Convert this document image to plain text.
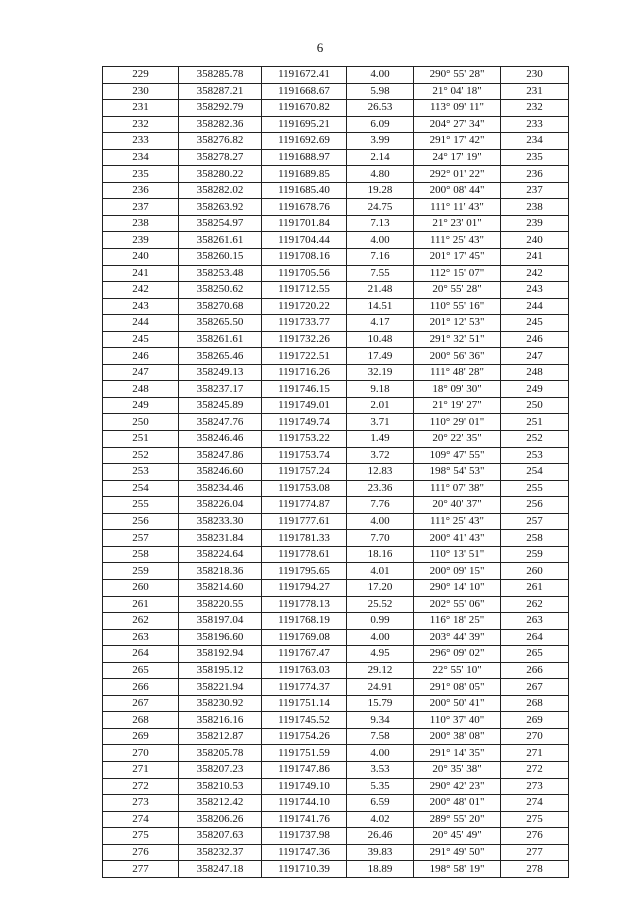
6
229	358285.78	1191672.41	4.00	290° 55' 28"	230
230	358287.21	1191668.67	5.98	21° 04' 18"	231
231	358292.79	1191670.82	26.53	113° 09' 11"	232
232	358282.36	1191695.21	6.09	204° 27' 34"	233
233	358276.82	1191692.69	3.99	291° 17' 42"	234
234	358278.27	1191688.97	2.14	24° 17' 19"	235
235	358280.22	1191689.85	4.80	292° 01' 22"	236
236	358282.02	1191685.40	19.28	200° 08' 44"	237
237	358263.92	1191678.76	24.75	111° 11' 43"	238
238	358254.97	1191701.84	7.13	21° 23' 01"	239
239	358261.61	1191704.44	4.00	111° 25' 43"	240
240	358260.15	1191708.16	7.16	201° 17' 45"	241
241	358253.48	1191705.56	7.55	112° 15' 07"	242
242	358250.62	1191712.55	21.48	20° 55' 28"	243
243	358270.68	1191720.22	14.51	110° 55' 16"	244
244	358265.50	1191733.77	4.17	201° 12' 53"	245
245	358261.61	1191732.26	10.48	291° 32' 51"	246
246	358265.46	1191722.51	17.49	200° 56' 36"	247
247	358249.13	1191716.26	32.19	111° 48' 28"	248
248	358237.17	1191746.15	9.18	18° 09' 30"	249
249	358245.89	1191749.01	2.01	21° 19' 27"	250
250	358247.76	1191749.74	3.71	110° 29' 01"	251
251	358246.46	1191753.22	1.49	20° 22' 35"	252
252	358247.86	1191753.74	3.72	109° 47' 55"	253
253	358246.60	1191757.24	12.83	198° 54' 53"	254
254	358234.46	1191753.08	23.36	111° 07' 38"	255
255	358226.04	1191774.87	7.76	20° 40' 37"	256
256	358233.30	1191777.61	4.00	111° 25' 43"	257
257	358231.84	1191781.33	7.70	200° 41' 43"	258
258	358224.64	1191778.61	18.16	110° 13' 51"	259
259	358218.36	1191795.65	4.01	200° 09' 15"	260
260	358214.60	1191794.27	17.20	290° 14' 10"	261
261	358220.55	1191778.13	25.52	202° 55' 06"	262
262	358197.04	1191768.19	0.99	116° 18' 25"	263
263	358196.60	1191769.08	4.00	203° 44' 39"	264
264	358192.94	1191767.47	4.95	296° 09' 02"	265
265	358195.12	1191763.03	29.12	22° 55' 10"	266
266	358221.94	1191774.37	24.91	291° 08' 05"	267
267	358230.92	1191751.14	15.79	200° 50' 41"	268
268	358216.16	1191745.52	9.34	110° 37' 40"	269
269	358212.87	1191754.26	7.58	200° 38' 08"	270
270	358205.78	1191751.59	4.00	291° 14' 35"	271
271	358207.23	1191747.86	3.53	20° 35' 38"	272
272	358210.53	1191749.10	5.35	290° 42' 23"	273
273	358212.42	1191744.10	6.59	200° 48' 01"	274
274	358206.26	1191741.76	4.02	289° 55' 20"	275
275	358207.63	1191737.98	26.46	20° 45' 49"	276
276	358232.37	1191747.36	39.83	291° 49' 50"	277
277	358247.18	1191710.39	18.89	198° 58' 19"	278
